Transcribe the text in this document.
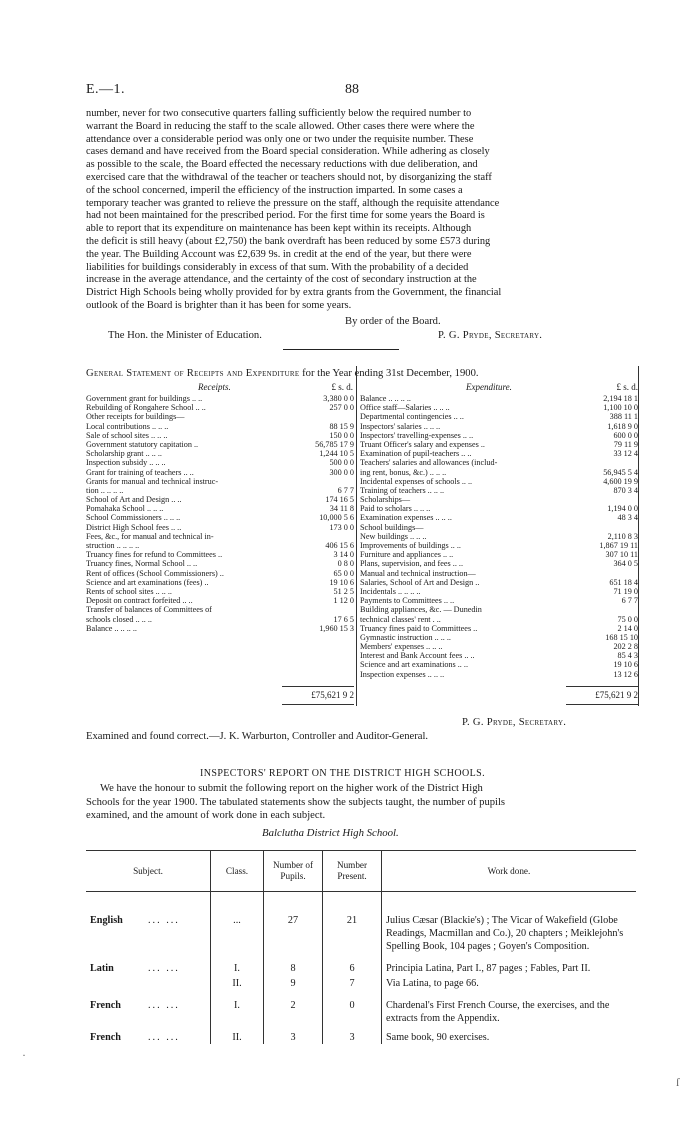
E.—1.	88
number, never for two consecutive quarters falling sufficiently below the required number to
warrant the Board in reducing the staff to the scale allowed. Other cases there were where the
attendance over a considerable period was only one or two under the requisite number. These
cases demand and have received from the Board special consideration. While adhering as closely
as possible to the scale, the Board effected the necessary reductions with due deliberation, and
exercised care that the withdrawal of the teacher or teachers should not, by disorganizing the staff
of the school concerned, imperil the efficiency of the instruction imparted. In some cases a
temporary teacher was granted to relieve the pressure on the staff, although the requisite attendance
had not been maintained for the prescribed period. For the first time for some years the Board is
able to report that its expenditure on maintenance has been kept within its receipts. Although
the deficit is still heavy (about £2,750) the bank overdraft has been reduced by some £573 during
the year. The Building Account was £2,639 9s. in credit at the end of the year, but there were
liabilities for buildings considerably in excess of that sum. With the probability of a decided
increase in the average attendance, and the certainty of the cost of secondary instruction at the
District High Schools being wholly provided for by extra grants from the Government, the financial
outlook of the Board is brighter than it has been for some years.
By order of the Board.
The Hon. the Minister of Education.	P. G. Pryde, Secretary.
General Statement of Receipts and Expenditure for the Year ending 31st December, 1900.
Receipts.	£ s. d.	Expenditure.	£ s. d.
Government grant for buildings .. ..	3,380 0 0
Rebuilding of Rongahere School .. ..	257 0 0
Other receipts for buildings—
Local contributions .. .. ..	88 15 9
Sale of school sites .. .. ..	150 0 0
Government statutory capitation ..	56,785 17 9
Scholarship grant .. .. ..	1,244 10 5
Inspection subsidy .. .. ..	500 0 0
Grant for training of teachers .. ..	300 0 0
Grants for manual and technical instruc-
tion .. .. .. ..	6 7 7
School of Art and Design .. ..	174 16 5
Pomahaka School .. .. ..	34 11 8
School Commissioners .. .. ..	10,000 5 6
District High School fees .. ..	173 0 0
Fees, &c., for manual and technical in-
struction .. .. .. ..	406 15 6
Truancy fines for refund to Committees ..	3 14 0
Truancy fines, Normal School .. ..	0 8 0
Rent of offices (School Commissioners) ..	65 0 0
Science and art examinations (fees) ..	19 10 6
Rents of school sites .. .. ..	51 2 5
Deposit on contract forfeited .. ..	1 12 0
Transfer of balances of Committees of
schools closed .. .. ..	17 6 5
Balance .. .. .. ..	1,960 15 3
Balance .. .. .. ..	2,194 18 1
Office staff—Salaries .. .. ..	1,100 10 0
Departmental contingencies .. ..	388 11 1
Inspectors' salaries .. .. ..	1,618 9 0
Inspectors' travelling-expenses .. ..	600 0 0
Truant Officer's salary and expenses ..	79 11 9
Examination of pupil-teachers .. ..	33 12 4
Teachers' salaries and allowances (includ-
ing rent, bonus, &c.) .. .. ..	56,945 5 4
Incidental expenses of schools .. ..	4,600 19 9
Training of teachers .. .. ..	870 3 4
Scholarships—
Paid to scholars .. .. ..	1,194 0 0
Examination expenses .. .. ..	48 3 4
School buildings—
New buildings .. .. ..	2,110 8 3
Improvements of buildings .. ..	1,867 19 11
Furniture and appliances .. ..	307 10 11
Plans, supervision, and fees .. ..	364 0 5
Manual and technical instruction—
Salaries, School of Art and Design ..	651 18 4
Incidentals .. .. .. ..	71 19 0
Payments to Committees .. ..	6 7 7
Building appliances, &c. — Dunedin
technical classes' rent . ..	75 0 0
Truancy fines paid to Committees ..	2 14 0
Gymnastic instruction .. .. ..	168 15 10
Members' expenses .. .. ..	202 2 8
Interest and Bank Account fees .. ..	85 4 3
Science and art examinations .. ..	19 10 6
Inspection expenses .. .. ..	13 12 6
£75,621 9 2	£75,621 9 2
P. G. Pryde, Secretary.
Examined and found correct.—J. K. Warburton, Controller and Auditor-General.
INSPECTORS' REPORT ON THE DISTRICT HIGH SCHOOLS.
We have the honour to submit the following report on the higher work of the District High
Schools for the year 1900. The tabulated statements show the subjects taught, the number of pupils
examined, and the amount of work done in each subject.
Balclutha District High School.
Subject.	Class.	Number of Pupils.	Number Present.	Work done.
English ... ...	...	27	21	Julius Cæsar (Blackie's) ; The Vicar of Wakefield (Globe Readings, Macmillan and Co.), 20 chapters ; Meiklejohn's Spelling Book, 104 pages ; Goyen's Composition.
Latin ... ...	I.	8	6	Principia Latina, Part I., 87 pages ; Fables, Part II.
	II.	9	7	Via Latina, to page 66.
French ... ...	I.	2	0	Chardenal's First French Course, the exercises, and the extracts from the Appendix.
French ... ...	II.	3	3	Same book, 90 exercises.
·
ſ
